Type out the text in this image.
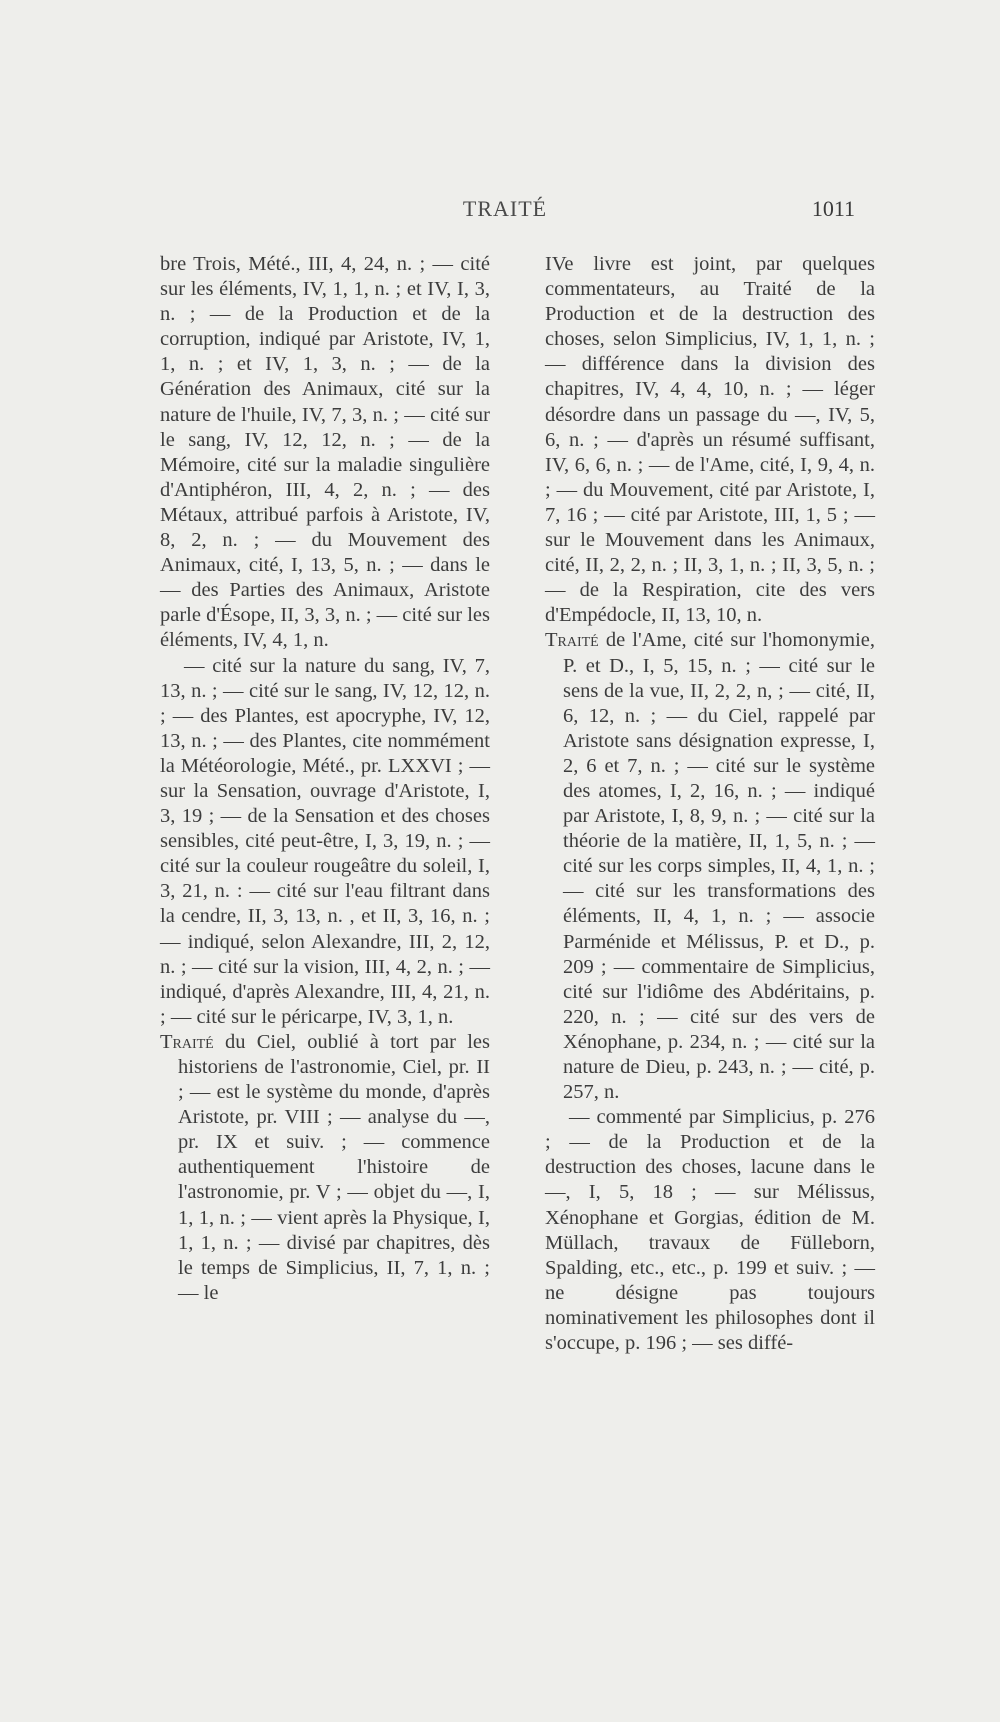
TRAITÉ	1011

bre Trois, Mété., III, 4, 24, n. ; — cité sur les éléments, IV, 1, 1, n. ; et IV, I, 3, n. ; — de la Production et de la corruption, indiqué par Aristote, IV, 1, 1, n. ; et IV, 1, 3, n. ; — de la Génération des Animaux, cité sur la nature de l'huile, IV, 7, 3, n. ; — cité sur le sang, IV, 12, 12, n. ; — de la Mémoire, cité sur la maladie singulière d'Antiphéron, III, 4, 2, n. ; — des Métaux, attribué parfois à Aristote, IV, 8, 2, n. ; — du Mouvement des Animaux, cité, I, 13, 5, n. ; — dans le — des Parties des Animaux, Aristote parle d'Ésope, II, 3, 3, n. ; — cité sur les éléments, IV, 4, 1, n.

— cité sur la nature du sang, IV, 7, 13, n. ; — cité sur le sang, IV, 12, 12, n. ; — des Plantes, est apocryphe, IV, 12, 13, n. ; — des Plantes, cite nommément la Météorologie, Mété., pr. LXXVI ; — sur la Sensation, ouvrage d'Aristote, I, 3, 19 ; — de la Sensation et des choses sensibles, cité peut-être, I, 3, 19, n. ; — cité sur la couleur rougeâtre du soleil, I, 3, 21, n. : — cité sur l'eau filtrant dans la cendre, II, 3, 13, n. , et II, 3, 16, n. ; — indiqué, selon Alexandre, III, 2, 12, n. ; — cité sur la vision, III, 4, 2, n. ; — indiqué, d'après Alexandre, III, 4, 21, n. ; — cité sur le péricarpe, IV, 3, 1, n.

Traité du Ciel, oublié à tort par les historiens de l'astronomie, Ciel, pr. II ; — est le système du monde, d'après Aristote, pr. VIII ; — analyse du —, pr. IX et suiv. ; — commence authentiquement l'histoire de l'astronomie, pr. V ; — objet du —, I, 1, 1, n. ; — vient après la Physique, I, 1, 1, n. ; — divisé par chapitres, dès le temps de Simplicius, II, 7, 1, n. ; — le

IVe livre est joint, par quelques commentateurs, au Traité de la Production et de la destruction des choses, selon Simplicius, IV, 1, 1, n. ; — différence dans la division des chapitres, IV, 4, 4, 10, n. ; — léger désordre dans un passage du —, IV, 5, 6, n. ; — d'après un résumé suffisant, IV, 6, 6, n. ; — de l'Ame, cité, I, 9, 4, n. ; — du Mouvement, cité par Aristote, I, 7, 16 ; — cité par Aristote, III, 1, 5 ; — sur le Mouvement dans les Animaux, cité, II, 2, 2, n. ; II, 3, 1, n. ; II, 3, 5, n. ; — de la Respiration, cite des vers d'Empédocle, II, 13, 10, n.

Traité de l'Ame, cité sur l'homonymie, P. et D., I, 5, 15, n. ; — cité sur le sens de la vue, II, 2, 2, n, ; — cité, II, 6, 12, n. ; — du Ciel, rappelé par Aristote sans désignation expresse, I, 2, 6 et 7, n. ; — cité sur le système des atomes, I, 2, 16, n. ; — indiqué par Aristote, I, 8, 9, n. ; — cité sur la théorie de la matière, II, 1, 5, n. ; — cité sur les corps simples, II, 4, 1, n. ; — cité sur les transformations des éléments, II, 4, 1, n. ; — associe Parménide et Mélissus, P. et D., p. 209 ; — commentaire de Simplicius, cité sur l'idiôme des Abdéritains, p. 220, n. ; — cité sur des vers de Xénophane, p. 234, n. ; — cité sur la nature de Dieu, p. 243, n. ; — cité, p. 257, n.

— commenté par Simplicius, p. 276 ; — de la Production et de la destruction des choses, lacune dans le —, I, 5, 18 ; — sur Mélissus, Xénophane et Gorgias, édition de M. Müllach, travaux de Fülleborn, Spalding, etc., etc., p. 199 et suiv. ; — ne désigne pas toujours nominativement les philosophes dont il s'occupe, p. 196 ; — ses diffé-
